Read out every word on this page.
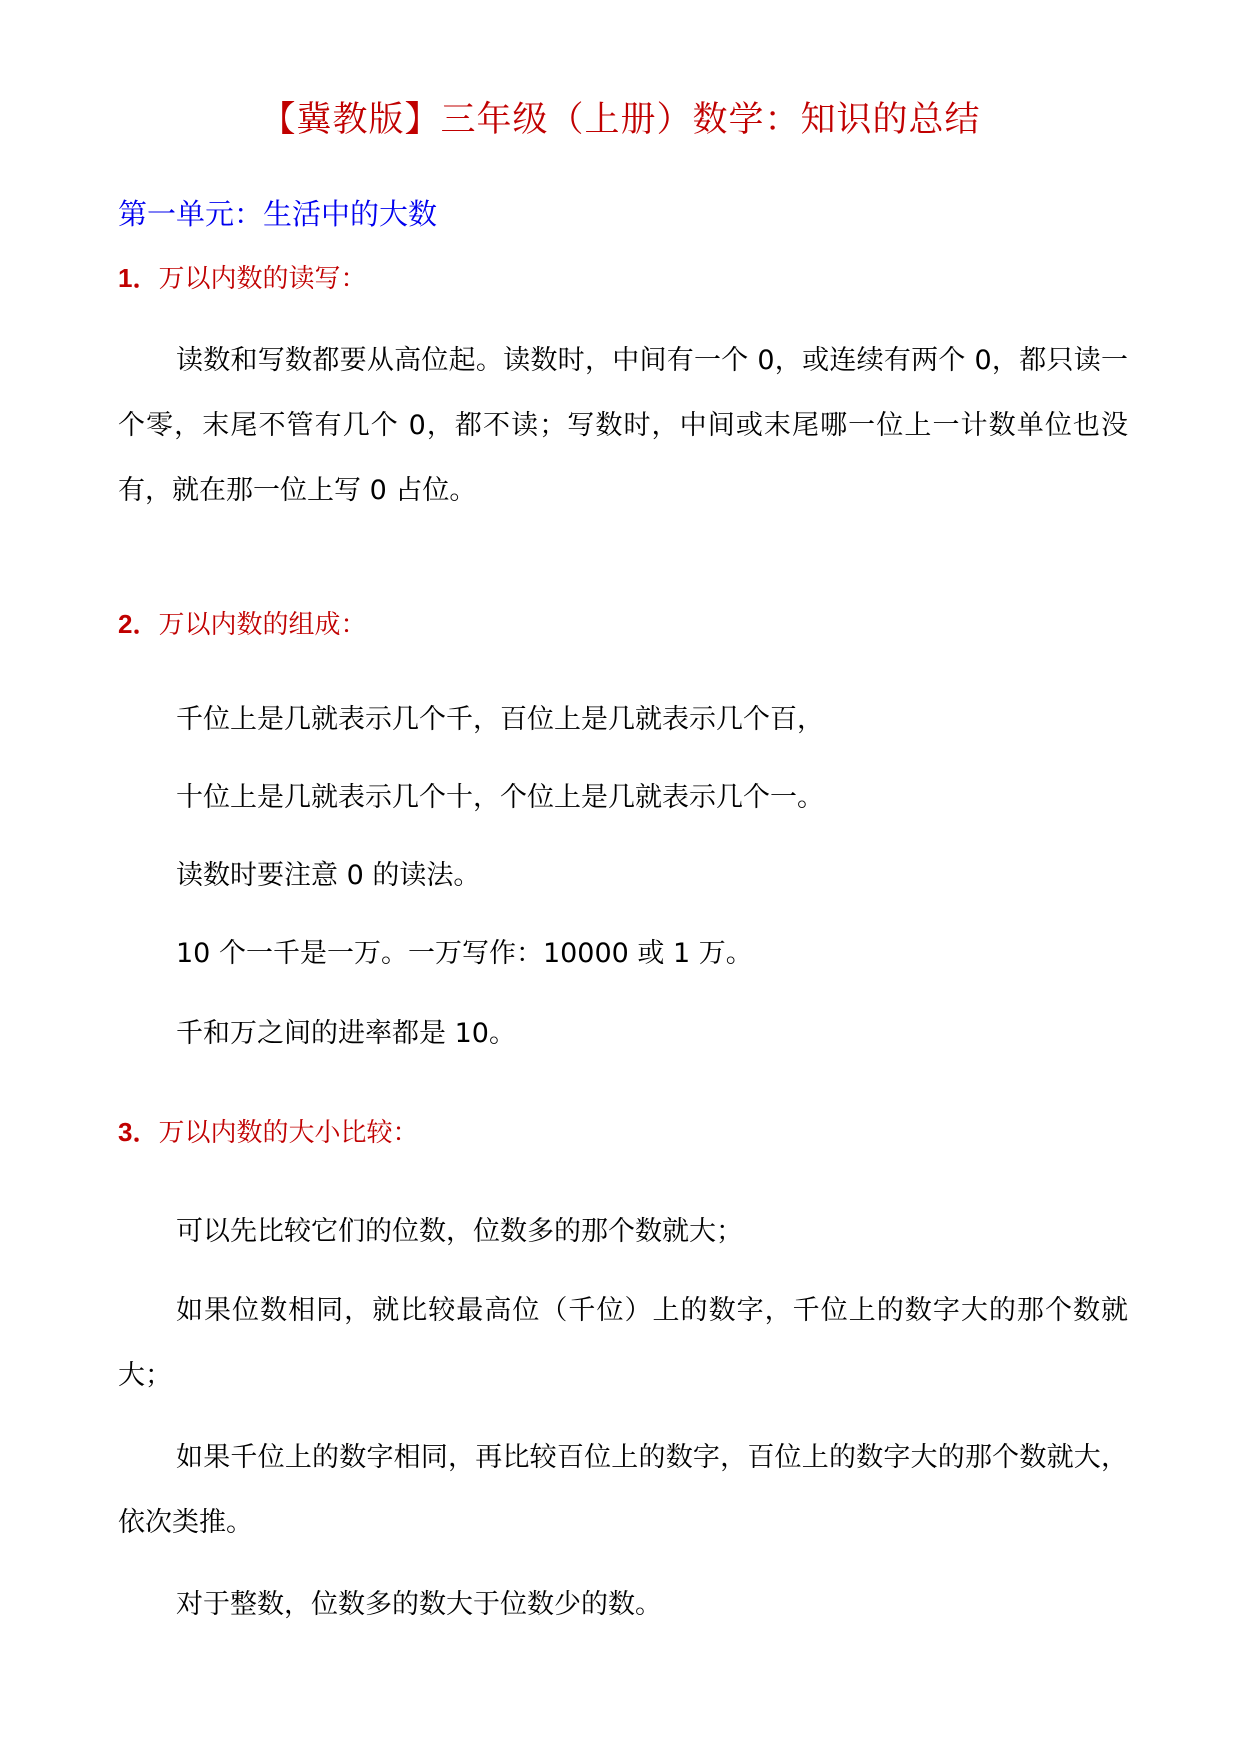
【冀教版】三年级（上册）数学：知识的总结
第一单元：生活中的大数
1．万以内数的读写：
读数和写数都要从高位起。读数时，中间有一个 0，或连续有两个 0，都只读一个零，末尾不管有几个 0，都不读；写数时，中间或末尾哪一位上一计数单位也没有，就在那一位上写 0 占位。
2．万以内数的组成：
千位上是几就表示几个千，百位上是几就表示几个百，
十位上是几就表示几个十，个位上是几就表示几个一。
读数时要注意 0 的读法。
10 个一千是一万。一万写作：10000 或 1 万。
千和万之间的进率都是 10。
3．万以内数的大小比较：
可以先比较它们的位数，位数多的那个数就大；
如果位数相同，就比较最高位（千位）上的数字，千位上的数字大的那个数就大；
如果千位上的数字相同，再比较百位上的数字，百位上的数字大的那个数就大，依次类推。
对于整数，位数多的数大于位数少的数。
